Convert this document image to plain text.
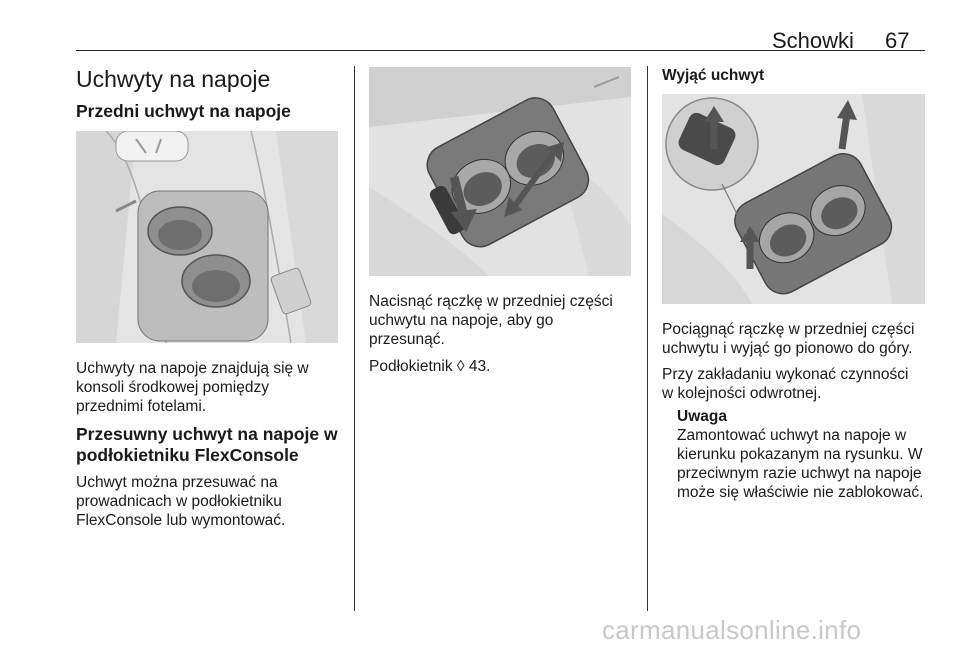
Schowki 67
Uchwyty na napoje
Przedni uchwyt na napoje
Uchwyty na napoje znajdują się w
konsoli środkowej pomiędzy
przednimi fotelami.
Przesuwny uchwyt na napoje w
podłokietniku FlexConsole
Uchwyt można przesuwać na
prowadnicach w podłokietniku
FlexConsole lub wymontować.
Nacisnąć rączkę w przedniej części
uchwytu na napoje, aby go
przesunąć.
Podłokietnik ◊ 43.
Wyjąć uchwyt
Pociągnąć rączkę w przedniej części
uchwytu i wyjąć go pionowo do góry.
Przy zakładaniu wykonać czynności
w kolejności odwrotnej.
Uwaga
Zamontować uchwyt na napoje w
kierunku pokazanym na rysunku. W
przeciwnym razie uchwyt na napoje
może się właściwie nie zablokować.
carmanualsonline.info
